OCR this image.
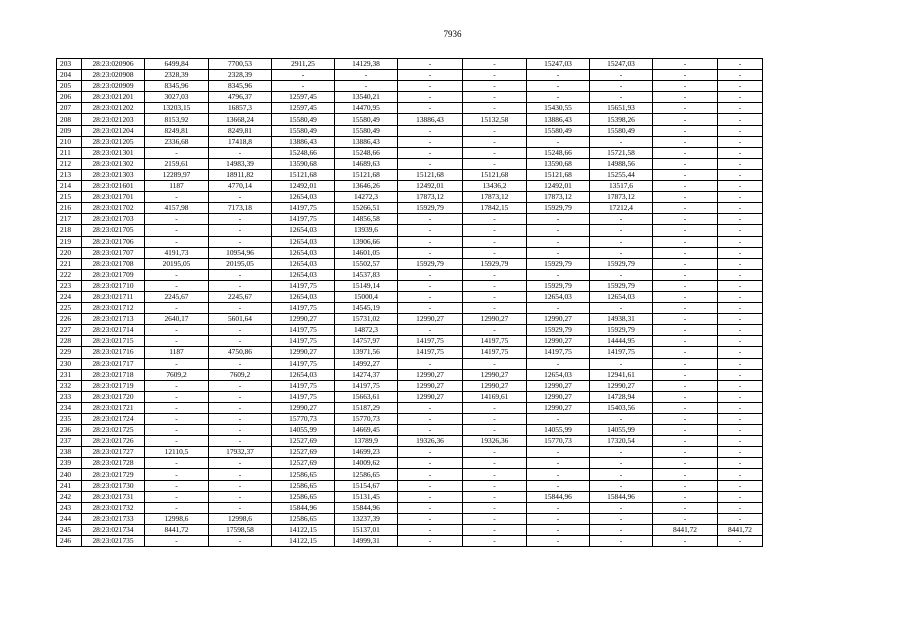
7936
203	28:23:020906	6499,84	7700,53	2911,25	14129,38	-	-	15247,03	15247,03	-	-
204	28:23:020908	2328,39	2328,39	-	-	-	-	-	-	-	-
205	28:23:020909	8345,96	8345,96	-	-	-	-	-	-	-	-
206	28:23:021201	3027,03	4796,37	12597,45	13540,21	-	-	-	-	-	-
207	28:23:021202	13203,15	16857,3	12597,45	14470,95	-	-	15430,55	15651,93	-	-
208	28:23:021203	8153,92	13668,24	15580,49	15580,49	13886,43	15132,58	13886,43	15398,26	-	-
209	28:23:021204	8249,81	8249,81	15580,49	15580,49	-	-	15580,49	15580,49	-	-
210	28:23:021205	2336,68	17418,8	13886,43	13886,43	-	-	-	-	-	-
211	28:23:021301	-	-	15248,66	15248,66	-	-	15248,66	15721,58	-	-
212	28:23:021302	2159,61	14983,39	13590,68	14689,63	-	-	13590,68	14988,56	-	-
213	28:23:021303	12289,97	18911,82	15121,68	15121,68	15121,68	15121,68	15121,68	15255,44	-	-
214	28:23:021601	1187	4770,14	12492,01	13646,26	12492,01	13436,2	12492,01	13517,6	-	-
215	28:23:021701	-	-	12654,03	14272,3	17873,12	17873,12	17873,12	17873,12	-	-
216	28:23:021702	4157,98	7173,18	14197,75	15266,51	15929,79	17842,15	15929,79	17212,4	-	-
217	28:23:021703	-	-	14197,75	14856,58	-	-	-	-	-	-
218	28:23:021705	-	-	12654,03	13939,6	-	-	-	-	-	-
219	28:23:021706	-	-	12654,03	13906,66	-	-	-	-	-	-
220	28:23:021707	4191,73	10954,96	12654,03	14601,05	-	-	-	-	-	-
221	28:23:021708	20195,05	20195,05	12654,03	15502,57	15929,79	15929,79	15929,79	15929,79	-	-
222	28:23:021709	-	-	12654,03	14537,83	-	-	-	-	-	-
223	28:23:021710	-	-	14197,75	15149,14	-	-	15929,79	15929,79	-	-
224	28:23:021711	2245,67	2245,67	12654,03	15000,4	-	-	12654,03	12654,03	-	-
225	28:23:021712	-	-	14197,75	14545,19	-	-	-	-	-	-
226	28:23:021713	2640,17	5601,64	12990,27	15731,02	12990,27	12990,27	12990,27	14938,31	-	-
227	28:23:021714	-	-	14197,75	14872,3	-	-	15929,79	15929,79	-	-
228	28:23:021715	-	-	14197,75	14757,97	14197,75	14197,75	12990,27	14444,95	-	-
229	28:23:021716	1187	4750,86	12990,27	13971,56	14197,75	14197,75	14197,75	14197,75	-	-
230	28:23:021717	-	-	14197,75	14992,27	-	-	-	-	-	-
231	28:23:021718	7609,2	7609,2	12654,03	14274,37	12990,27	12990,27	12654,03	12941,61	-	-
232	28:23:021719	-	-	14197,75	14197,75	12990,27	12990,27	12990,27	12990,27	-	-
233	28:23:021720	-	-	14197,75	15663,61	12990,27	14169,61	12990,27	14728,94	-	-
234	28:23:021721	-	-	12990,27	15187,29	-	-	12990,27	15403,56	-	-
235	28:23:021724	-	-	15770,73	15770,73	-	-	-	-	-	-
236	28:23:021725	-	-	14055,99	14669,45	-	-	14055,99	14055,99	-	-
237	28:23:021726	-	-	12527,69	13789,9	19326,36	19326,36	15770,73	17320,54	-	-
238	28:23:021727	12110,5	17932,37	12527,69	14699,23	-	-	-	-	-	-
239	28:23:021728	-	-	12527,69	14009,62	-	-	-	-	-	-
240	28:23:021729	-	-	12586,65	12586,65	-	-	-	-	-	-
241	28:23:021730	-	-	12586,65	15154,67	-	-	-	-	-	-
242	28:23:021731	-	-	12586,65	15131,45	-	-	15844,96	15844,96	-	-
243	28:23:021732	-	-	15844,96	15844,96	-	-	-	-	-	-
244	28:23:021733	12998,6	12998,6	12586,65	13237,39	-	-	-	-	-	-
245	28:23:021734	8441,72	17598,58	14122,15	15137,01	-	-	-	-	8441,72	8441,72
246	28:23:021735	-	-	14122,15	14999,31	-	-	-	-	-	-
